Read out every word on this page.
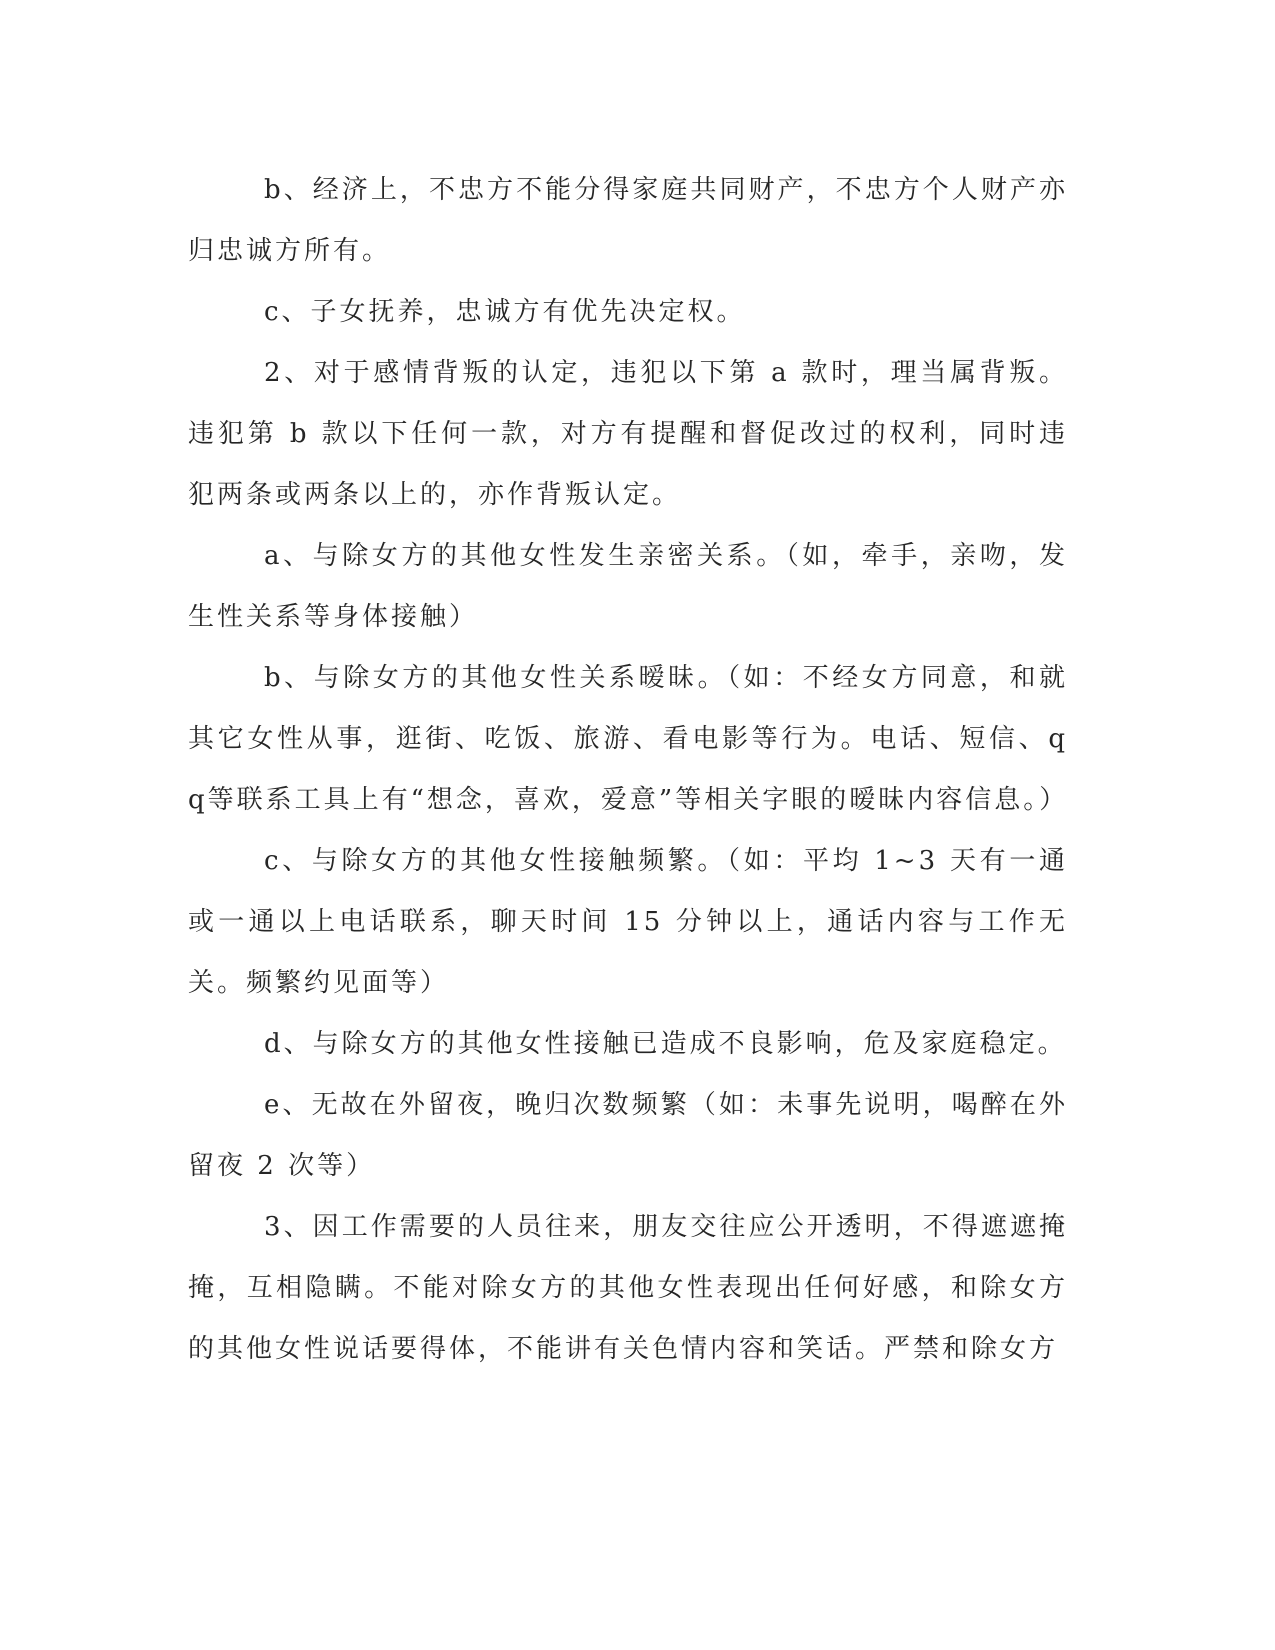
b、经济上，不忠方不能分得家庭共同财产，不忠方个人财产亦归忠诚方所有。

c、子女抚养，忠诚方有优先决定权。

2、对于感情背叛的认定，违犯以下第 a 款时，理当属背叛。违犯第 b 款以下任何一款，对方有提醒和督促改过的权利，同时违犯两条或两条以上的，亦作背叛认定。

a、与除女方的其他女性发生亲密关系。（如，牵手，亲吻，发生性关系等身体接触）

b、与除女方的其他女性关系暧昧。（如：不经女方同意，和就其它女性从事，逛街、吃饭、旅游、看电影等行为。电话、短信、qq等联系工具上有“想念，喜欢，爱意”等相关字眼的暧昧内容信息。）

c、与除女方的其他女性接触频繁。（如：平均 1~3 天有一通或一通以上电话联系，聊天时间 15 分钟以上，通话内容与工作无关。频繁约见面等）

d、与除女方的其他女性接触已造成不良影响，危及家庭稳定。

e、无故在外留夜，晚归次数频繁（如：未事先说明，喝醉在外留夜 2 次等）

3、因工作需要的人员往来，朋友交往应公开透明，不得遮遮掩掩，互相隐瞒。不能对除女方的其他女性表现出任何好感，和除女方的其他女性说话要得体，不能讲有关色情内容和笑话。严禁和除女方
